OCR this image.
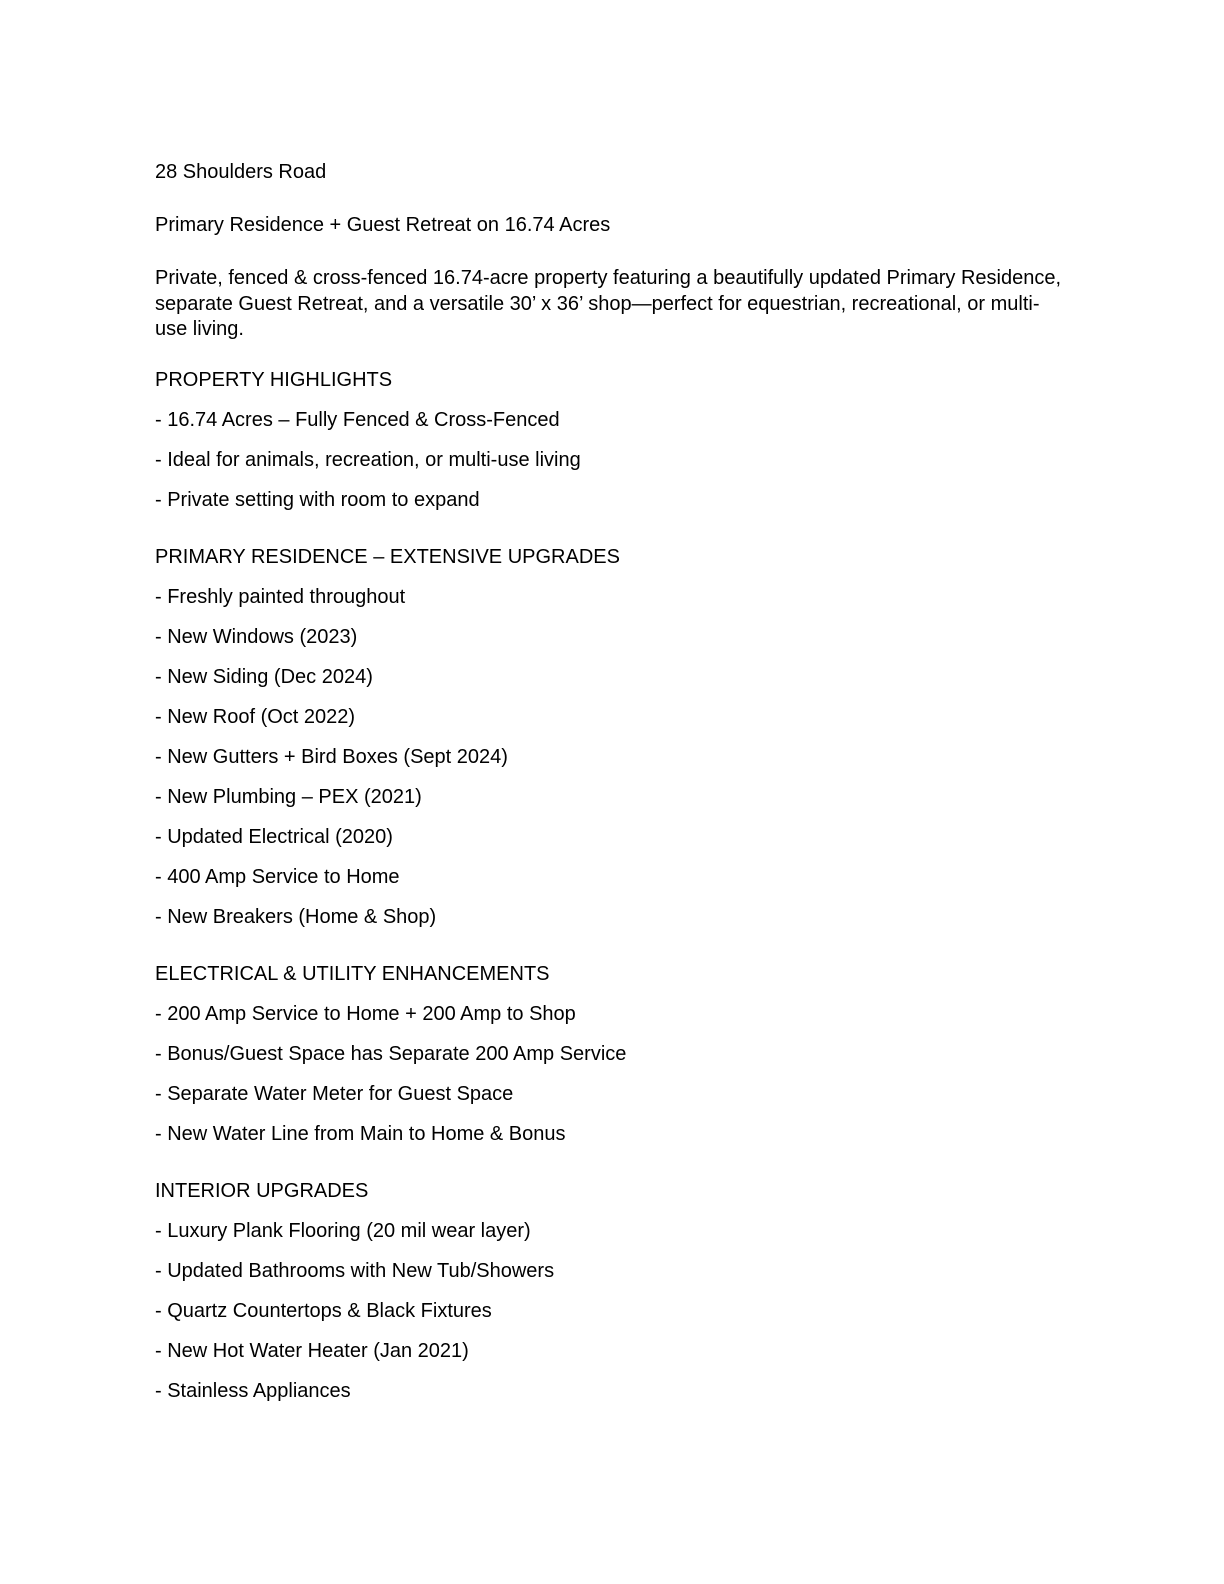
28 Shoulders Road

Primary Residence + Guest Retreat on 16.74 Acres

Private, fenced & cross-fenced 16.74-acre property featuring a beautifully updated Primary Residence, separate Guest Retreat, and a versatile 30’ x 36’ shop—perfect for equestrian, recreational, or multi-use living.

PROPERTY HIGHLIGHTS

- 16.74 Acres – Fully Fenced & Cross-Fenced

- Ideal for animals, recreation, or multi-use living

- Private setting with room to expand

PRIMARY RESIDENCE – EXTENSIVE UPGRADES

- Freshly painted throughout

- New Windows (2023)

- New Siding (Dec 2024)

- New Roof (Oct 2022)

- New Gutters + Bird Boxes (Sept 2024)

- New Plumbing – PEX (2021)

- Updated Electrical (2020)

- 400 Amp Service to Home

- New Breakers (Home & Shop)

ELECTRICAL & UTILITY ENHANCEMENTS

- 200 Amp Service to Home + 200 Amp to Shop

- Bonus/Guest Space has Separate 200 Amp Service

- Separate Water Meter for Guest Space

- New Water Line from Main to Home & Bonus

INTERIOR UPGRADES

- Luxury Plank Flooring (20 mil wear layer)

- Updated Bathrooms with New Tub/Showers

- Quartz Countertops & Black Fixtures

- New Hot Water Heater (Jan 2021)

- Stainless Appliances
